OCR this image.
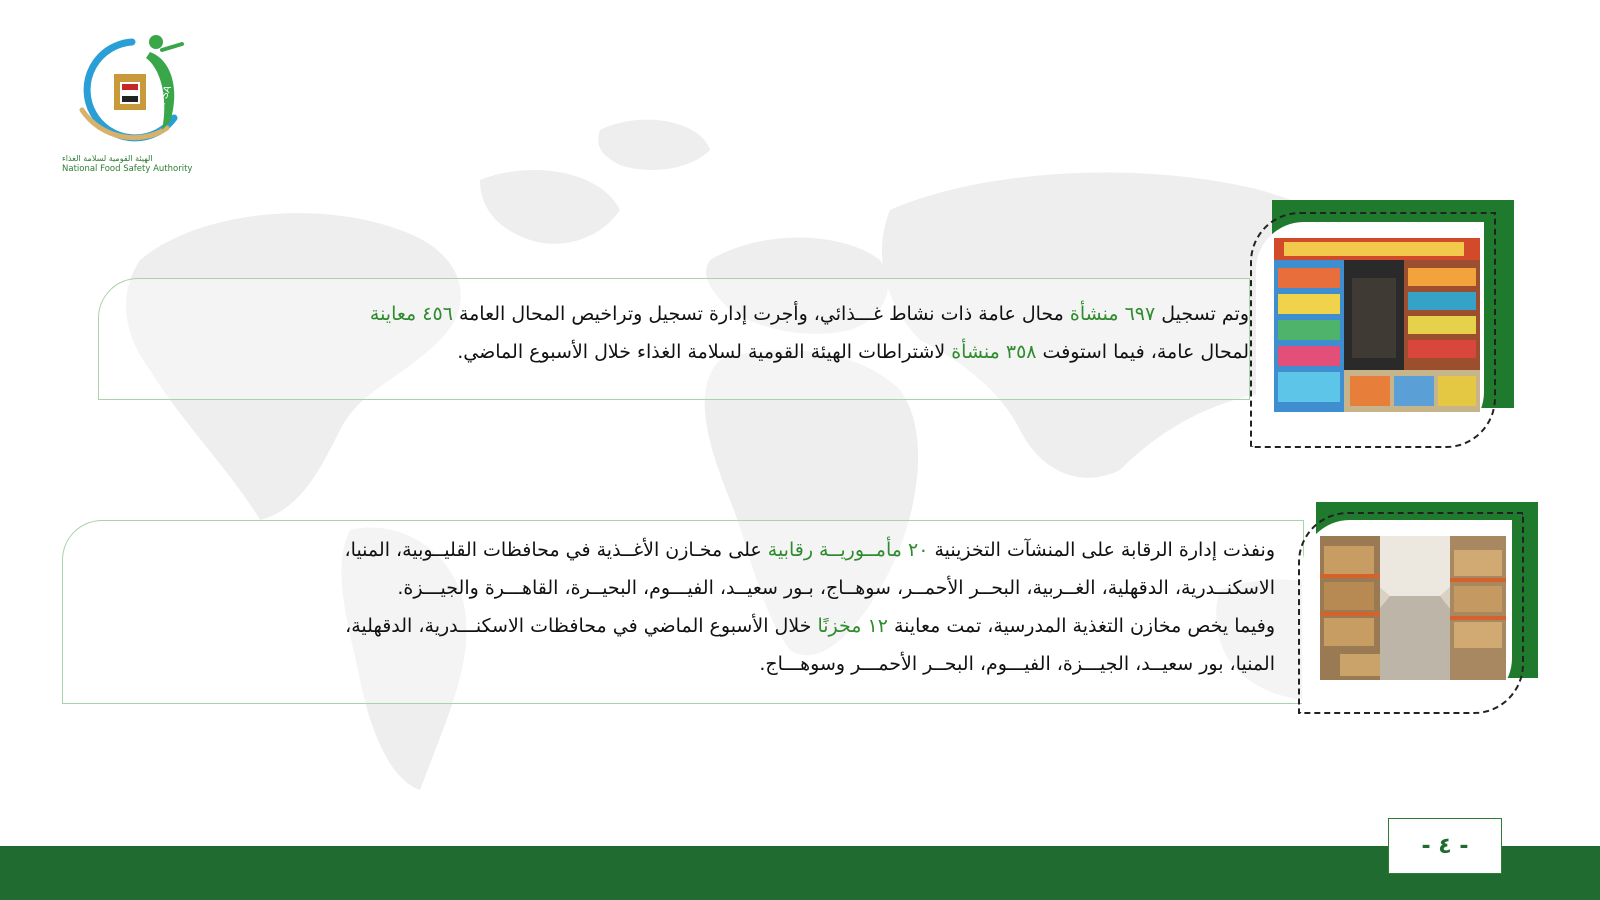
NFSA
الهيئة القومية لسلامة الغذاء
National Food Safety Authority

وتم تسجيل ٦٩٧ منشأة محال عامة ذات نشاط غـــذائي، وأجرت إدارة تسجيل وتراخيص المحال العامة ٤٥٦ معاينة

لمحال عامة، فيما استوفت ٣٥٨ منشأة لاشتراطات الهيئة القومية لسلامة الغذاء خلال الأسبوع الماضي.

ونفذت إدارة الرقابة على المنشآت التخزينية ٢٠ مأمــوريــة رقابية على مخـازن الأغــذية في محافظات القليــوبية، المنيا،

الاسكنــدرية، الدقهلية، الغــربية، البحــر الأحمــر، سوهــاج، بـور سعيــد، الفيـــوم، البحيــرة، القاهـــرة والجيـــزة.

وفيما يخص مخازن التغذية المدرسية، تمت معاينة ١٢ مخزنًا خلال الأسبوع الماضي في محافظات الاسكنـــدرية، الدقهلية،

المنيا، بور سعيــد، الجيـــزة، الفيـــوم، البحــر الأحمـــر وسوهـــاج.

- ٤ -
